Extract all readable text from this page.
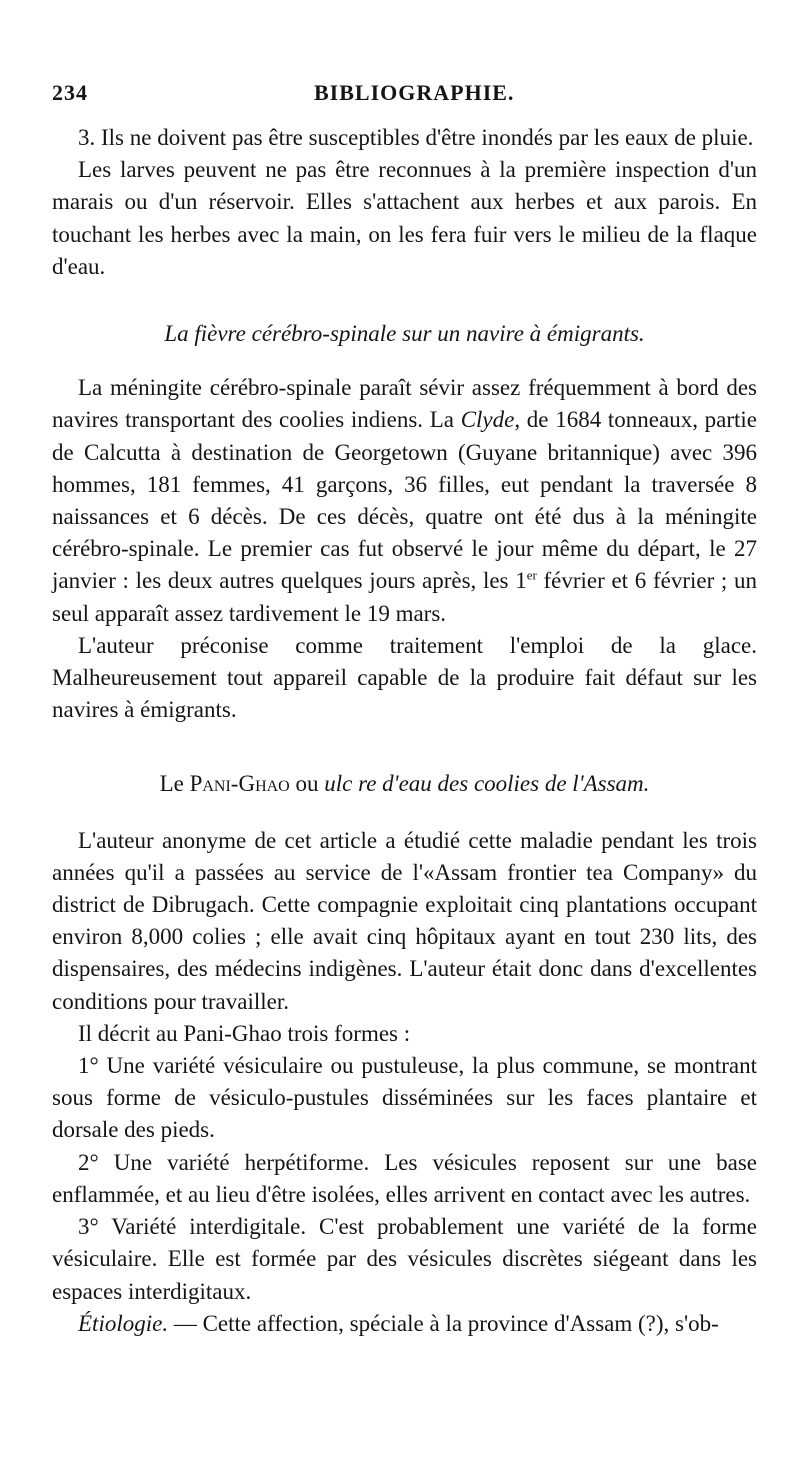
234	BIBLIOGRAPHIE.

3. Ils ne doivent pas être susceptibles d'être inondés par les eaux de pluie.

Les larves peuvent ne pas être reconnues à la première inspection d'un marais ou d'un réservoir. Elles s'attachent aux herbes et aux parois. En touchant les herbes avec la main, on les fera fuir vers le milieu de la flaque d'eau.

La fièvre cérébro-spinale sur un navire à émigrants.

La méningite cérébro-spinale paraît sévir assez fréquemment à bord des navires transportant des coolies indiens. La Clyde, de 1684 tonneaux, partie de Calcutta à destination de Georgetown (Guyane britannique) avec 396 hommes, 181 femmes, 41 garçons, 36 filles, eut pendant la traversée 8 naissances et 6 décès. De ces décès, quatre ont été dus à la méningite cérébro-spinale. Le premier cas fut observé le jour même du départ, le 27 janvier : les deux autres quelques jours après, les 1er février et 6 février ; un seul apparaît assez tardivement le 19 mars.

L'auteur préconise comme traitement l'emploi de la glace. Malheureusement tout appareil capable de la produire fait défaut sur les navires à émigrants.

Le Pani-Ghao ou ulc re d'eau des coolies de l'Assam.

L'auteur anonyme de cet article a étudié cette maladie pendant les trois années qu'il a passées au service de l'«Assam frontier tea Company» du district de Dibrugach. Cette compagnie exploitait cinq plantations occupant environ 8,000 colies ; elle avait cinq hôpitaux ayant en tout 230 lits, des dispensaires, des médecins indigènes. L'auteur était donc dans d'excellentes conditions pour travailler.

Il décrit au Pani-Ghao trois formes :

1° Une variété vésiculaire ou pustuleuse, la plus commune, se montrant sous forme de vésiculo-pustules disséminées sur les faces plantaire et dorsale des pieds.

2° Une variété herpétiforme. Les vésicules reposent sur une base enflammée, et au lieu d'être isolées, elles arrivent en contact avec les autres.

3° Variété interdigitale. C'est probablement une variété de la forme vésiculaire. Elle est formée par des vésicules discrètes siégeant dans les espaces interdigitaux.

Étiologie. — Cette affection, spéciale à la province d'Assam (?), s'ob-
